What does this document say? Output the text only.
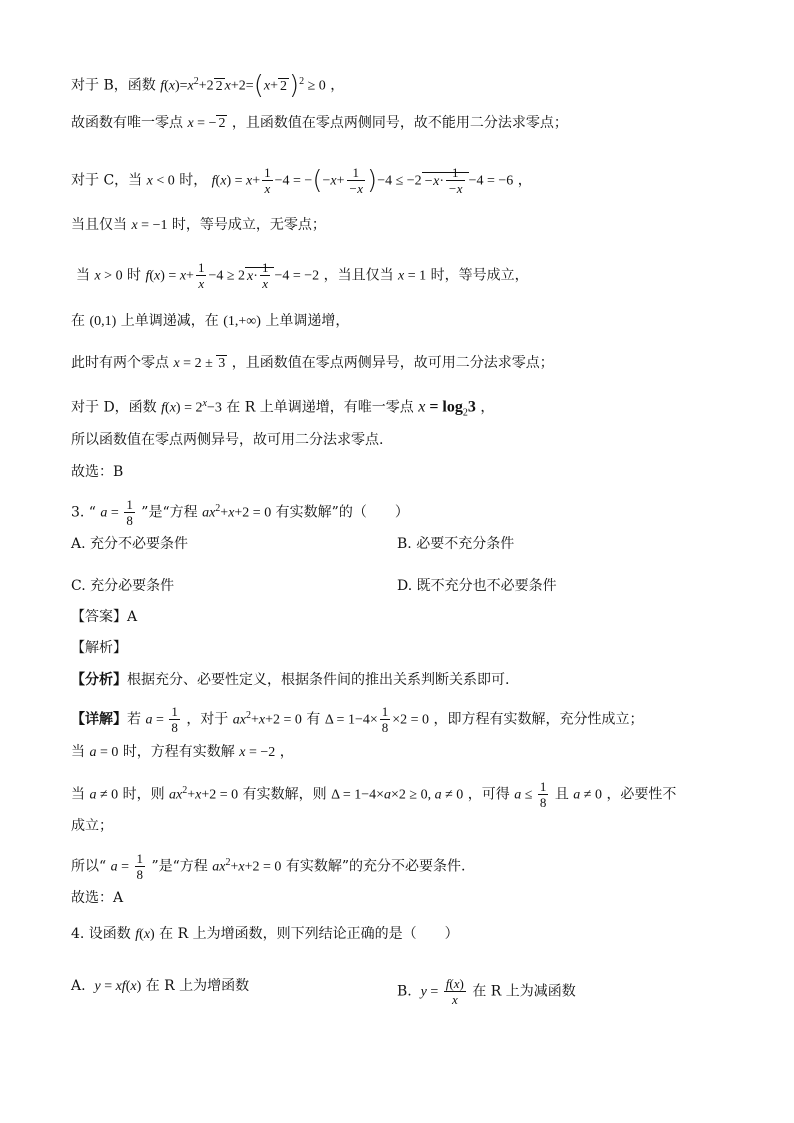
对于 B，函数 $f(x)=x^2+2$ 2 $x+2=(x+ 2)^2 \ge 0$ ，
故函数有唯一零点 x = − 2 ，且函数值在零点两侧同号，故不能用二分法求零点；
对于 C，当 x < 0 时， $f(x) = x+ \frac{1}{x} -4 = -(-x+ \frac{1}{-x} )-4 \le -2 -x\cdot \frac{1}{-x} -4 = -6$ ，
当且仅当 x = −1 时，等号成立，无零点；
当 x > 0 时 $f(x) = x+ \frac{1}{x} -4 \ge 2$ $x\cdot \frac{1}{x} -4 = -2$ ，当且仅当 x = 1 时，等号成立，
在 (0,1) 上单调递减，在 (1,+∞) 上单调递增，
此时有两个零点 x = 2 ± 3 ，且函数值在零点两侧异号，故可用二分法求零点；
对于 D，函数 $f(x) = 2^x-3$ 在 R 上单调递增，有唯一零点 $x = \log_23$ ，
所以函数值在零点两侧异号，故可用二分法求零点.
故选：B
3. “ $a = \frac{1}{8}$ ”是“方程 $ax^2+x+2 = 0$ 有实数解”的（　　）
A. 充分不必要条件	B. 必要不充分条件
C. 充分必要条件	D. 既不充分也不必要条件
【答案】A
【解析】
【分析】根据充分、必要性定义，根据条件间的推出关系判断关系即可.
【详解】若 $a = \frac{1}{8}$ ，对于 $ax^2+x+2 = 0$ 有 $\Delta = 1-4\times \frac{1}{8} \times 2 = 0$ ，即方程有实数解，充分性成立；
当 a = 0 时，方程有实数解 x = −2 ，
当 a ≠ 0 时，则 $ax^2+x+2 = 0$ 有实数解，则 Δ = 1−4×a×2 ≥ 0, a ≠ 0 ，可得 $a \le \frac{1}{8}$ 且 a ≠ 0 ，必要性不
成立；
所以“ $a = \frac{1}{8}$ ”是“方程 $ax^2+x+2 = 0$ 有实数解”的充分不必要条件.
故选：A
4. 设函数 f(x) 在 R 上为增函数，则下列结论正确的是（　　）
A. y = xf(x) 在 R 上为增函数	B. $y = \frac{f(x)}{x}$ 在 R 上为减函数
